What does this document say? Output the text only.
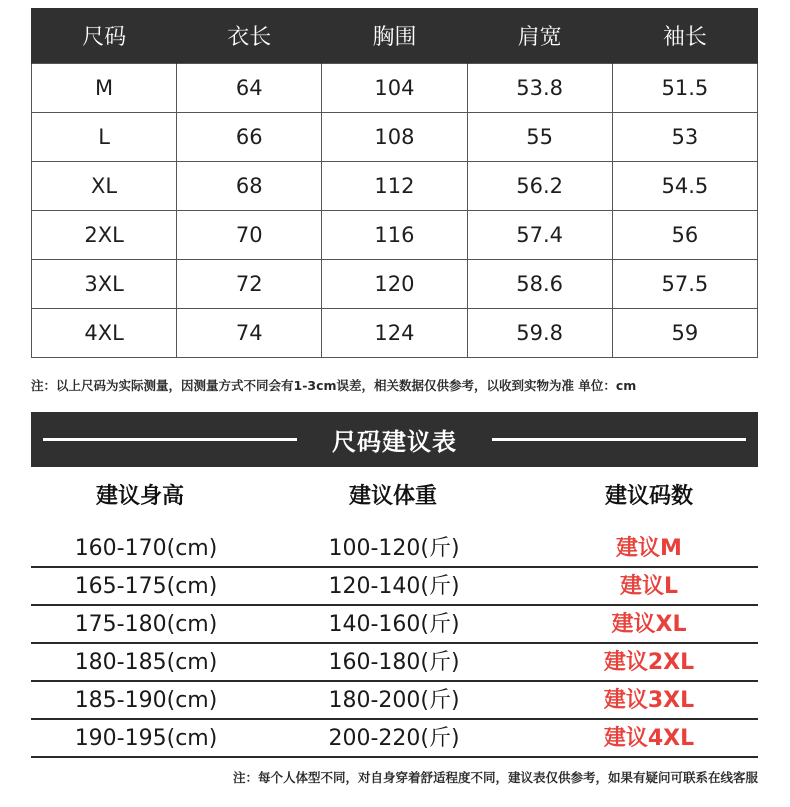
尺码	衣长	胸围	肩宽	袖长
M	64	104	53.8	51.5
L	66	108	55	53
XL	68	112	56.2	54.5
2XL	70	116	57.4	56
3XL	72	120	58.6	57.5
4XL	74	124	59.8	59
注：以上尺码为实际测量，因测量方式不同会有1-3cm误差，相关数据仅供参考，以收到实物为准 单位：cm
尺码建议表
建议身高	建议体重	建议码数
160-170(cm)	100-120(斤)	建议M
165-175(cm)	120-140(斤)	建议L
175-180(cm)	140-160(斤)	建议XL
180-185(cm)	160-180(斤)	建议2XL
185-190(cm)	180-200(斤)	建议3XL
190-195(cm)	200-220(斤)	建议4XL
注：每个人体型不同，对自身穿着舒适程度不同，建议表仅供参考，如果有疑问可联系在线客服
